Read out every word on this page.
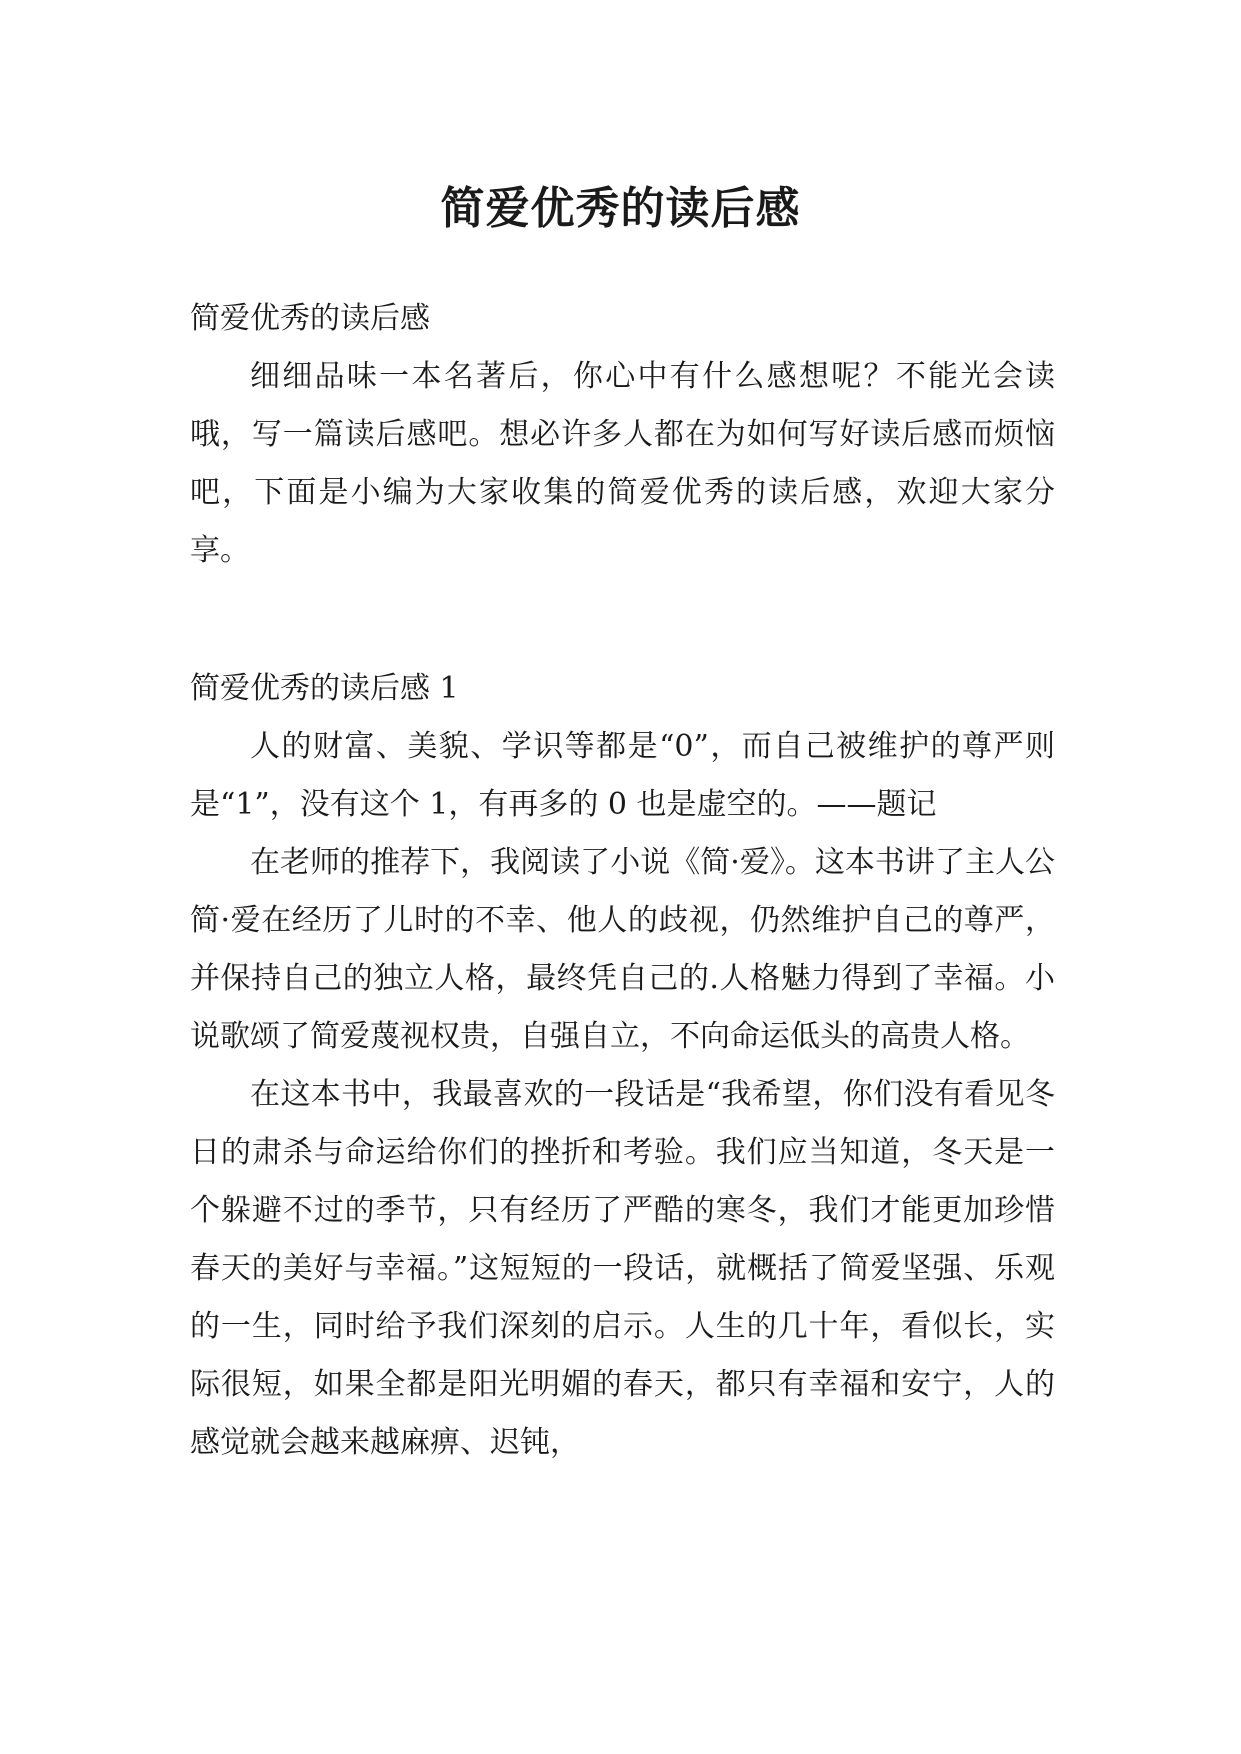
简爱优秀的读后感

简爱优秀的读后感

细细品味一本名著后，你心中有什么感想呢？不能光会读哦，写一篇读后感吧。想必许多人都在为如何写好读后感而烦恼吧，下面是小编为大家收集的简爱优秀的读后感，欢迎大家分享。

简爱优秀的读后感 1

人的财富、美貌、学识等都是“0”，而自己被维护的尊严则是“1”，没有这个 1，有再多的 0 也是虚空的。——题记

在老师的推荐下，我阅读了小说《简·爱》。这本书讲了主人公简·爱在经历了儿时的不幸、他人的歧视，仍然维护自己的尊严，并保持自己的独立人格，最终凭自己的.人格魅力得到了幸福。小说歌颂了简爱蔑视权贵，自强自立，不向命运低头的高贵人格。

在这本书中，我最喜欢的一段话是“我希望，你们没有看见冬日的肃杀与命运给你们的挫折和考验。我们应当知道，冬天是一个躲避不过的季节，只有经历了严酷的寒冬，我们才能更加珍惜春天的美好与幸福。”这短短的一段话，就概括了简爱坚强、乐观的一生，同时给予我们深刻的启示。人生的几十年，看似长，实际很短，如果全都是阳光明媚的春天，都只有幸福和安宁，人的感觉就会越来越麻痹、迟钝，
